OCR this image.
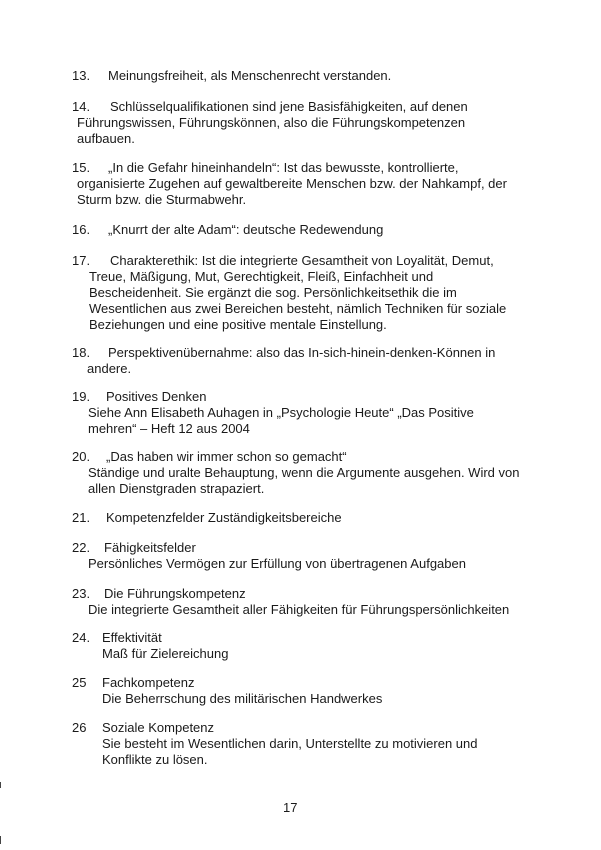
13. Meinungsfreiheit, als Menschenrecht verstanden.
14. Schlüsselqualifikationen sind jene Basisfähigkeiten, auf denen
Führungswissen, Führungskönnen, also die Führungskompetenzen
aufbauen.
15. „In die Gefahr hineinhandeln“: Ist das bewusste, kontrollierte,
organisierte Zugehen auf gewaltbereite Menschen bzw. der Nahkampf, der
Sturm bzw. die Sturmabwehr.
16. „Knurrt der alte Adam“: deutsche Redewendung
17. Charakterethik: Ist die integrierte Gesamtheit von Loyalität, Demut,
Treue, Mäßigung, Mut, Gerechtigkeit, Fleiß, Einfachheit und
Bescheidenheit. Sie ergänzt die sog. Persönlichkeitsethik die im
Wesentlichen aus zwei Bereichen besteht, nämlich Techniken für soziale
Beziehungen und eine positive mentale Einstellung.
18. Perspektivenübernahme: also das In-sich-hinein-denken-Können in
andere.
19. Positives Denken
Siehe Ann Elisabeth Auhagen in „Psychologie Heute“ „Das Positive
mehren“ – Heft 12 aus 2004
20. „Das haben wir immer schon so gemacht“
Ständige und uralte Behauptung, wenn die Argumente ausgehen. Wird von
allen Dienstgraden strapaziert.
21. Kompetenzfelder Zuständigkeitsbereiche
22. Fähigkeitsfelder
Persönliches Vermögen zur Erfüllung von übertragenen Aufgaben
23. Die Führungskompetenz
Die integrierte Gesamtheit aller Fähigkeiten für Führungspersönlichkeiten
24. Effektivität
Maß für Zielereichung
25 Fachkompetenz
Die Beherrschung des militärischen Handwerkes
26 Soziale Kompetenz
Sie besteht im Wesentlichen darin, Unterstellte zu motivieren und
Konflikte zu lösen.
17
